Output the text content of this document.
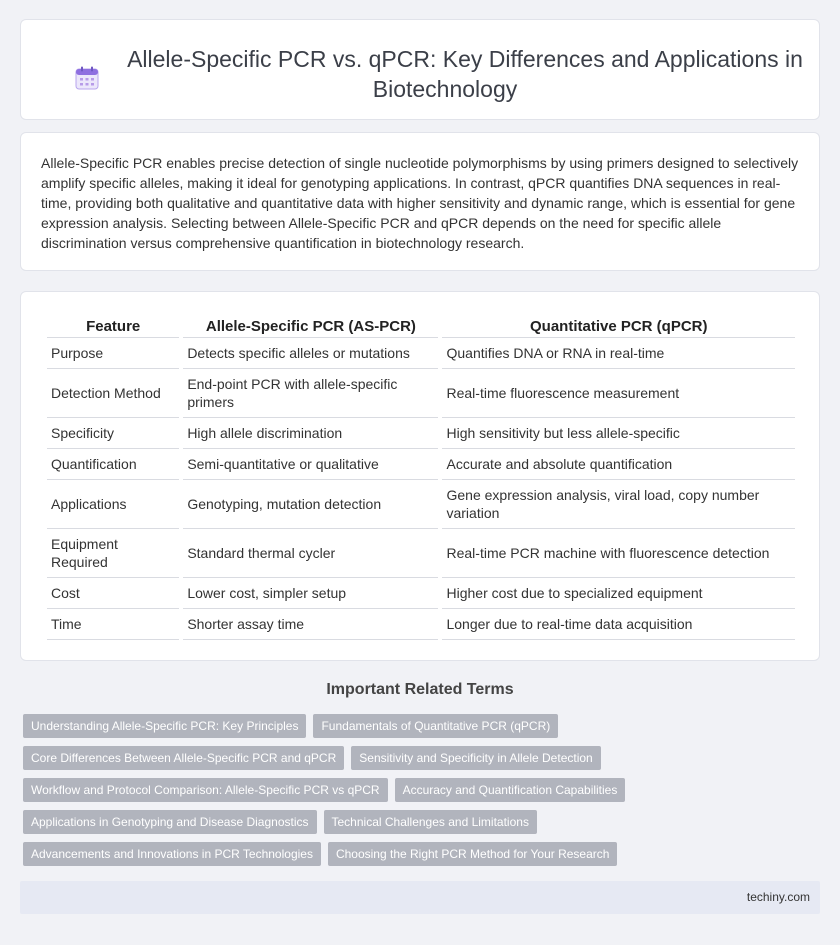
Allele-Specific PCR vs. qPCR: Key Differences and Applications in Biotechnology

Allele-Specific PCR enables precise detection of single nucleotide polymorphisms by using primers designed to selectively amplify specific alleles, making it ideal for genotyping applications. In contrast, qPCR quantifies DNA sequences in real-time, providing both qualitative and quantitative data with higher sensitivity and dynamic range, which is essential for gene expression analysis. Selecting between Allele-Specific PCR and qPCR depends on the need for specific allele discrimination versus comprehensive quantification in biotechnology research.

Feature	Allele-Specific PCR (AS-PCR)	Quantitative PCR (qPCR)
Purpose	Detects specific alleles or mutations	Quantifies DNA or RNA in real-time
Detection Method	End-point PCR with allele-specific primers	Real-time fluorescence measurement
Specificity	High allele discrimination	High sensitivity but less allele-specific
Quantification	Semi-quantitative or qualitative	Accurate and absolute quantification
Applications	Genotyping, mutation detection	Gene expression analysis, viral load, copy number variation
Equipment Required	Standard thermal cycler	Real-time PCR machine with fluorescence detection
Cost	Lower cost, simpler setup	Higher cost due to specialized equipment
Time	Shorter assay time	Longer due to real-time data acquisition
Important Related Terms
Understanding Allele-Specific PCR: Key Principles	Fundamentals of Quantitative PCR (qPCR)
Core Differences Between Allele-Specific PCR and qPCR	Sensitivity and Specificity in Allele Detection
Workflow and Protocol Comparison: Allele-Specific PCR vs qPCR	Accuracy and Quantification Capabilities
Applications in Genotyping and Disease Diagnostics	Technical Challenges and Limitations
Advancements and Innovations in PCR Technologies	Choosing the Right PCR Method for Your Research
techiny.com
